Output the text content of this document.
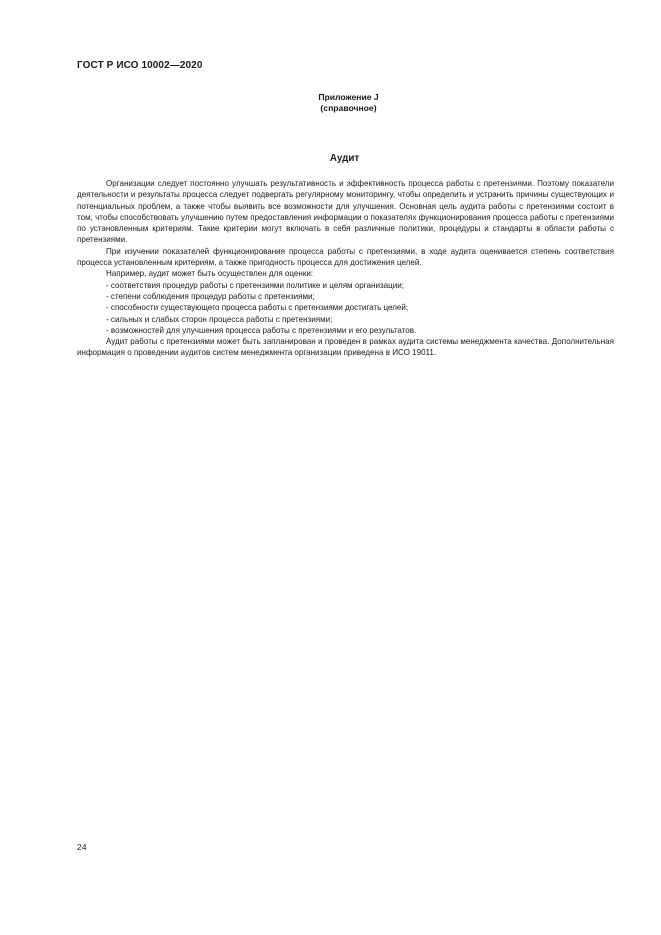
ГОСТ Р ИСО 10002—2020
Приложение J
(справочное)
Аудит

Организации следует постоянно улучшать результативность и эффективность процесса работы с претензиями. Поэтому показатели деятельности и результаты процесса следует подвергать регулярному мониторингу, чтобы определить и устранить причины существующих и потенциальных проблем, а также чтобы выявить все возможности для улучшения. Основная цель аудита работы с претензиями состоит в том, чтобы способствовать улучшению путем предоставления информации о показателях функционирования процесса работы с претензиями по установленным критериям. Такие критерии могут включать в себя различные политики, процедуры и стандарты в области работы с претензиями.

При изучении показателей функционирования процесса работы с претензиями, в ходе аудита оценивается степень соответствия процесса установленным критериям, а также пригодность процесса для достижения целей.

Например, аудит может быть осуществлен для оценки:

- соответствия процедур работы с претензиями политике и целям организации;

- степени соблюдения процедур работы с претензиями;

- способности существующего процесса работы с претензиями достигать целей;

- сильных и слабых сторон процесса работы с претензиями;

- возможностей для улучшения процесса работы с претензиями и его результатов.

Аудит работы с претензиями может быть запланирован и проведен в рамках аудита системы менеджмента качества. Дополнительная информация о проведении аудитов систем менеджмента организации приведена в ИСО 19011.

24
